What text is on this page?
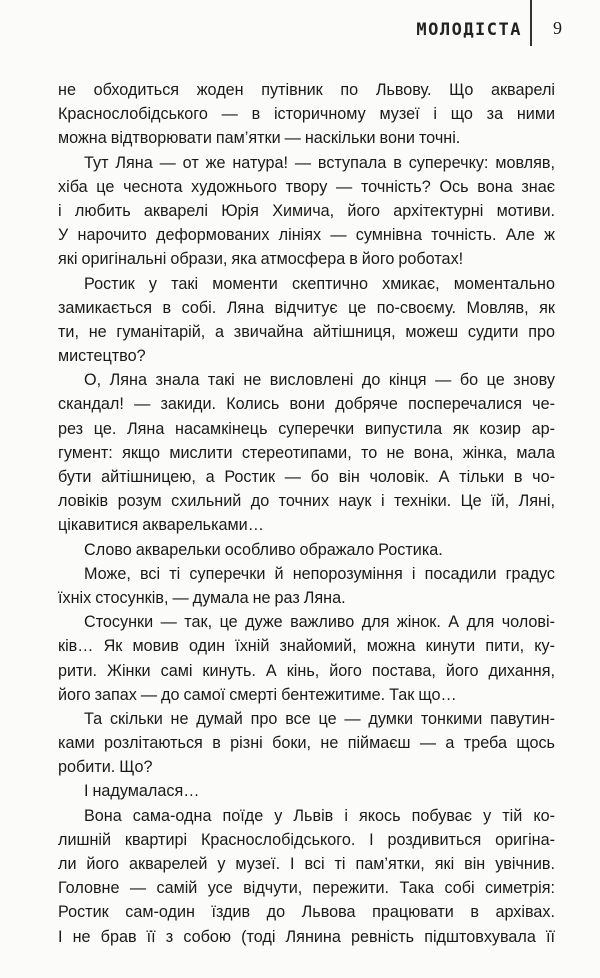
МОЛОДІСТА 9
не обходиться жоден путівник по Львову. Що акварелі
Краснослобідського — в історичному музеї і що за ними
можна відтворювати пам’ятки — наскільки вони точні.
Тут Ляна — от же натура! — вступала в суперечку: мовляв,
хіба це чеснота художнього твору — точність? Ось вона знає
і любить акварелі Юрія Химича, його архітектурні мотиви.
У нарочито деформованих лініях — сумнівна точність. Але ж
які оригінальні образи, яка атмосфера в його роботах!
Ростик у такі моменти скептично хмикає, моментально
замикається в собі. Ляна відчитує це по-своєму. Мовляв, як
ти, не гуманітарій, а звичайна айтішниця, можеш судити про
мистецтво?
О, Ляна знала такі не висловлені до кінця — бо це знову
скандал! — закиди. Колись вони добряче посперечалися че-
рез це. Ляна насамкінець суперечки випустила як козир ар-
гумент: якщо мислити стереотипами, то не вона, жінка, мала
бути айтішницею, а Ростик — бо він чоловік. А тільки в чо-
ловіків розум схильний до точних наук і техніки. Це їй, Ляні,
цікавитися акварельками…
Слово акварельки особливо ображало Ростика.
Може, всі ті суперечки й непорозуміння і посадили градус
їхніх стосунків, — думала не раз Ляна.
Стосунки — так, це дуже важливо для жінок. А для чолові-
ків… Як мовив один їхній знайомий, можна кинути пити, ку-
рити. Жінки самі кинуть. А кінь, його постава, його дихання,
його запах — до самої смерті бентежитиме. Так що…
Та скільки не думай про все це — думки тонкими павутин-
ками розлітаються в різні боки, не піймаєш — а треба щось
робити. Що?
І надумалася…
Вона сама-одна поїде у Львів і якось побуває у тій ко-
лишній квартирі Краснослобідського. І роздивиться оригіна-
ли його акварелей у музеї. І всі ті пам’ятки, які він увічнив.
Головне — самій усе відчути, пережити. Така собі симетрія:
Ростик сам-один їздив до Львова працювати в архівах.
І не брав її з собою (тоді Лянина ревність підштовхувала її
